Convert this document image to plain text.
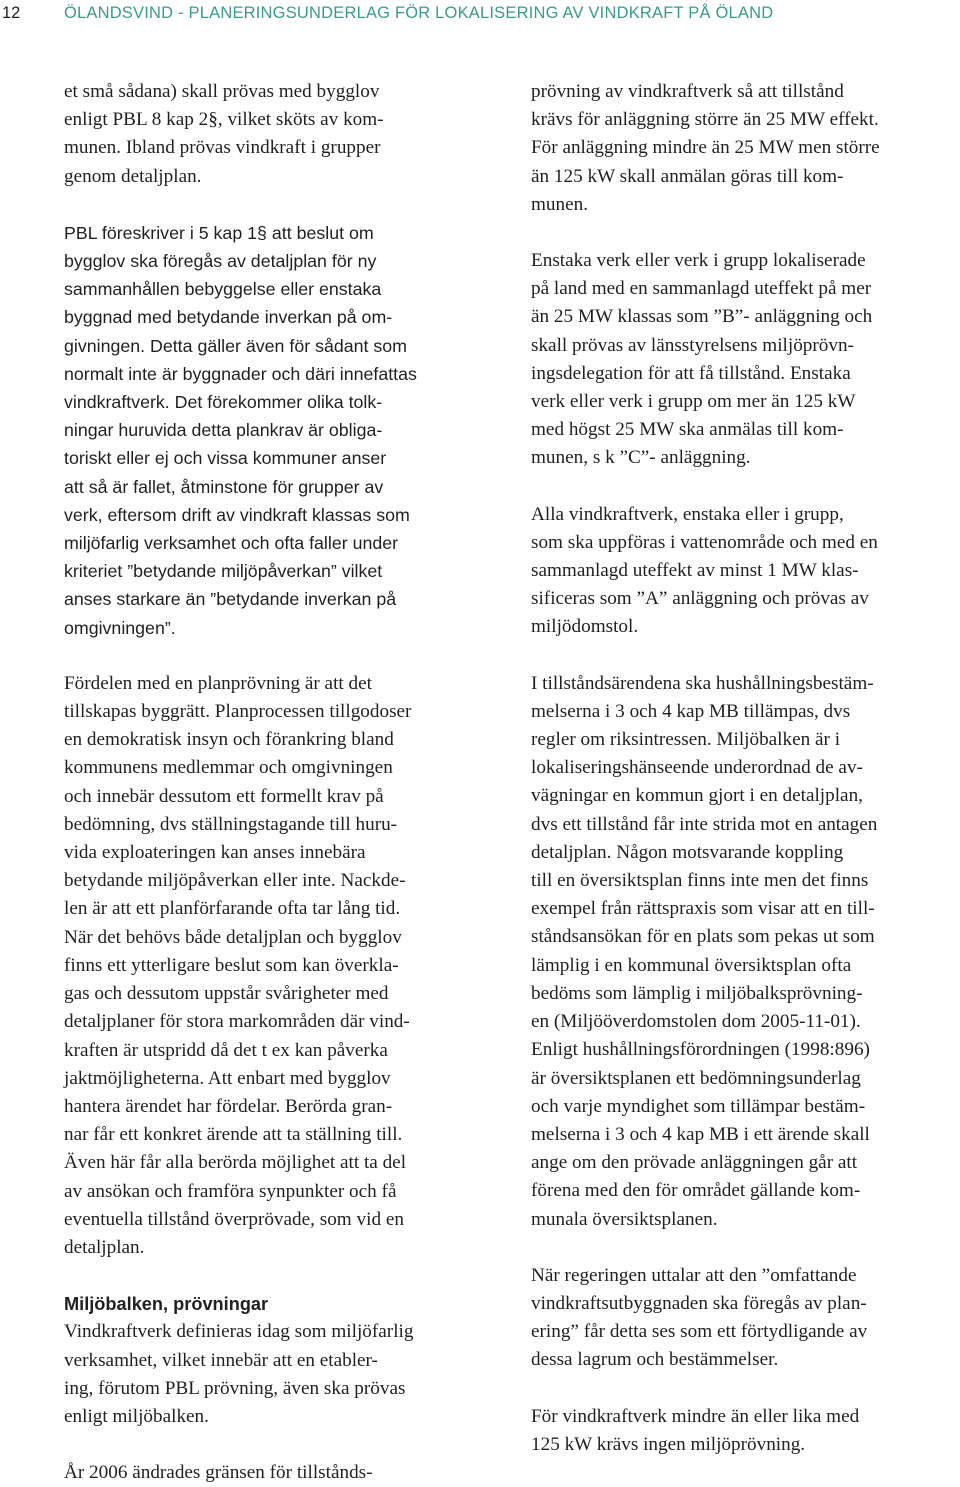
12	ÖLANDSVIND - PLANERINGSUNDERLAG FÖR LOKALISERING AV VINDKRAFT PÅ ÖLAND

et små sådana) skall prövas med bygglov
enligt PBL 8 kap 2§, vilket sköts av kom-
munen. Ibland prövas vindkraft i grupper
genom detaljplan.

PBL föreskriver i 5 kap 1§ att beslut om
bygglov ska föregås av detaljplan för ny
sammanhållen bebyggelse eller enstaka
byggnad med betydande inverkan på om-
givningen. Detta gäller även för sådant som
normalt inte är byggnader och däri innefattas
vindkraftverk. Det förekommer olika tolk-
ningar huruvida detta plankrav är obliga-
toriskt eller ej och vissa kommuner anser
att så är fallet, åtminstone för grupper av
verk, eftersom drift av vindkraft klassas som
miljöfarlig verksamhet och ofta faller under
kriteriet ”betydande miljöpåverkan” vilket
anses starkare än ”betydande inverkan på
omgivningen”.

Fördelen med en planprövning är att det
tillskapas byggrätt. Planprocessen tillgodoser
en demokratisk insyn och förankring bland
kommunens medlemmar och omgivningen
och innebär dessutom ett formellt krav på
bedömning, dvs ställningstagande till huru-
vida exploateringen kan anses innebära
betydande miljöpåverkan eller inte. Nackde-
len är att ett planförfarande ofta tar lång tid.
När det behövs både detaljplan och bygglov
finns ett ytterligare beslut som kan överkla-
gas och dessutom uppstår svårigheter med
detaljplaner för stora markområden där vind-
kraften är utspridd då det t ex kan påverka
jaktmöjligheterna. Att enbart med bygglov
hantera ärendet har fördelar. Berörda gran-
nar får ett konkret ärende att ta ställning till.
Även här får alla berörda möjlighet att ta del
av ansökan och framföra synpunkter och få
eventuella tillstånd överprövade, som vid en
detaljplan.

Miljöbalken, prövningar

Vindkraftverk definieras idag som miljöfarlig
verksamhet, vilket innebär att en etabler-
ing, förutom PBL prövning, även ska prövas
enligt miljöbalken.

År 2006 ändrades gränsen för tillstånds-

prövning av vindkraftverk så att tillstånd
krävs för anläggning större än 25 MW effekt.
För anläggning mindre än 25 MW men större
än 125 kW skall anmälan göras till kom-
munen.

Enstaka verk eller verk i grupp lokaliserade
på land med en sammanlagd uteffekt på mer
än 25 MW klassas som ”B”- anläggning och
skall prövas av länsstyrelsens miljöprövn-
ingsdelegation för att få tillstånd. Enstaka
verk eller verk i grupp om mer än 125 kW
med högst 25 MW ska anmälas till kom-
munen, s k ”C”- anläggning.

Alla vindkraftverk, enstaka eller i grupp,
som ska uppföras i vattenområde och med en
sammanlagd uteffekt av minst 1 MW klas-
sificeras som ”A” anläggning och prövas av
miljödomstol.

I tillståndsärendena ska hushållningsbestäm-
melserna i 3 och 4 kap MB tillämpas, dvs
regler om riksintressen. Miljöbalken är i
lokaliseringshänseende underordnad de av-
vägningar en kommun gjort i en detaljplan,
dvs ett tillstånd får inte strida mot en antagen
detaljplan. Någon motsvarande koppling
till en översiktsplan finns inte men det finns
exempel från rättspraxis som visar att en till-
ståndsansökan för en plats som pekas ut som
lämplig i en kommunal översiktsplan ofta
bedöms som lämplig i miljöbalksprövning-
en (Miljööverdomstolen dom 2005-11-01).
Enligt hushållningsförordningen (1998:896)
är översiktsplanen ett bedömningsunderlag
och varje myndighet som tillämpar bestäm-
melserna i 3 och 4 kap MB i ett ärende skall
ange om den prövade anläggningen går att
förena med den för området gällande kom-
munala översiktsplanen.

När regeringen uttalar att den ”omfattande
vindkraftsutbyggnaden ska föregås av plan-
ering” får detta ses som ett förtydligande av
dessa lagrum och bestämmelser.

För vindkraftverk mindre än eller lika med
125 kW krävs ingen miljöprövning.
